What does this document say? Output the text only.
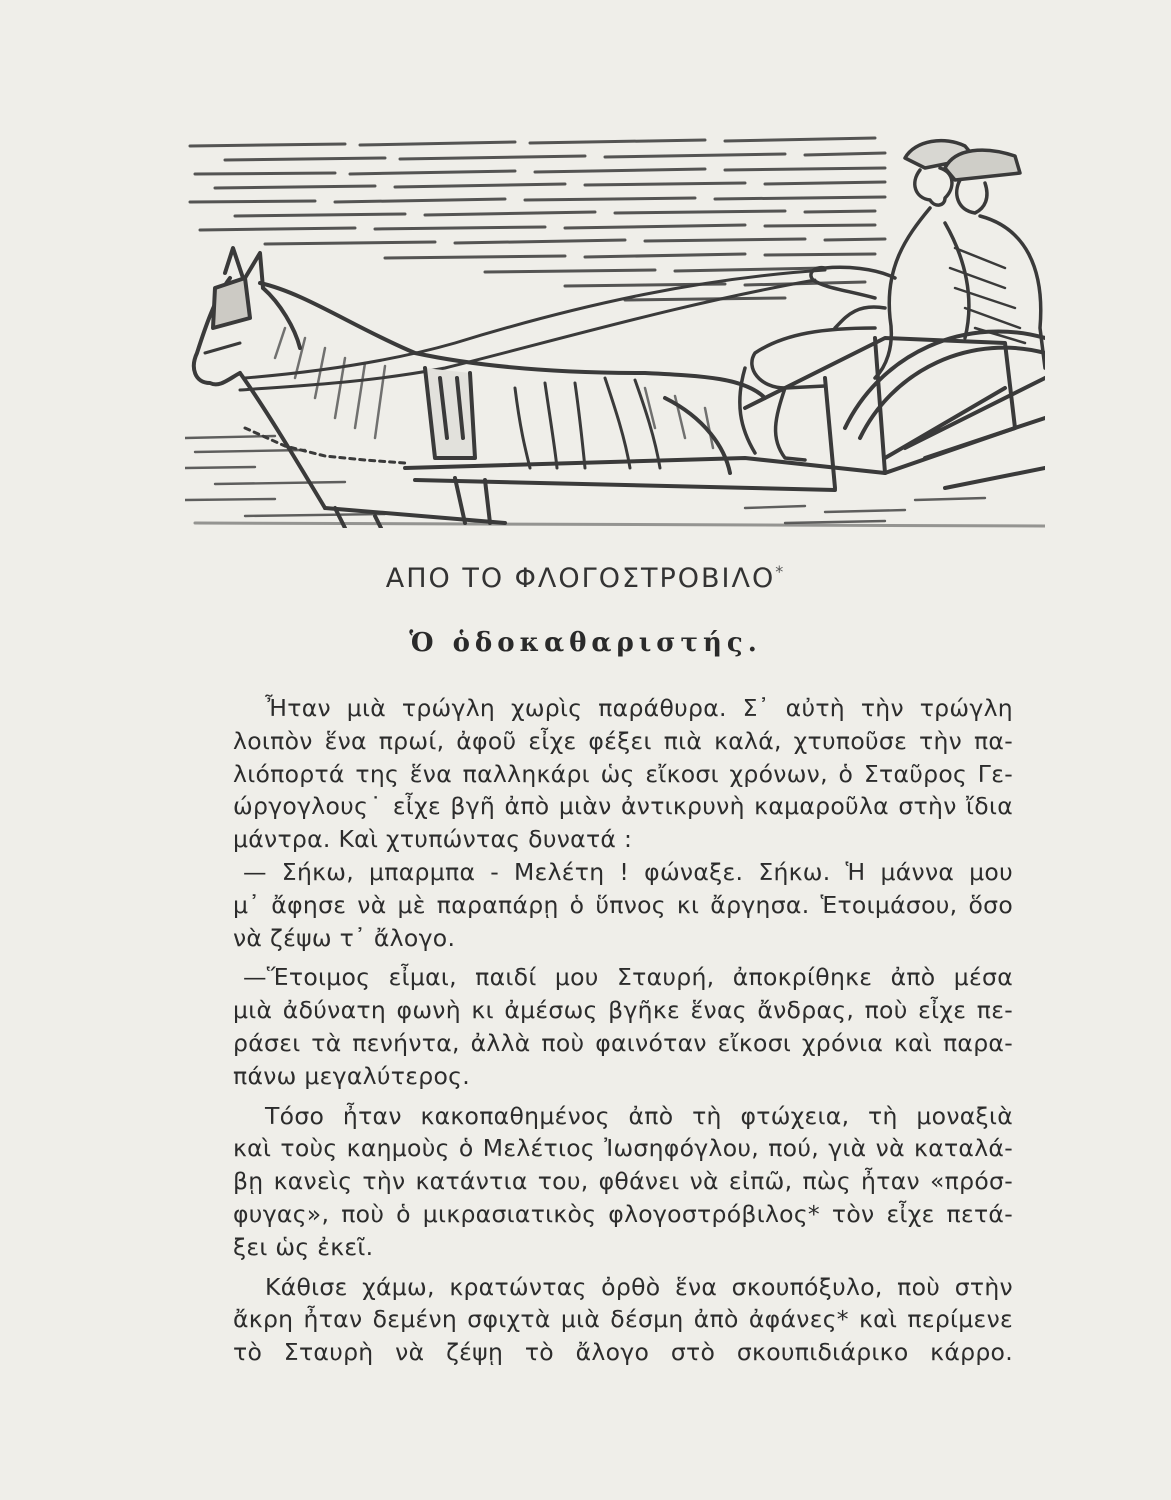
ΑΠΟ ΤΟ ΦΛΟΓΟΣΤΡΟΒΙΛΟ*
Ὁ ὁδοκαθαριστής.
Ἦταν μιὰ τρώγλη χωρὶς παράθυρα. Σ᾽ αὐτὴ τὴν τρώγλη
λοιπὸν ἕνα πρωί, ἀφοῦ εἶχε φέξει πιὰ καλά, χτυποῦσε τὴν πα-
λιόπορτά της ἕνα παλληκάρι ὡς εἴκοσι χρόνων, ὁ Σταῦρος Γε-
ώργογλους˙ εἶχε βγῆ ἀπὸ μιὰν ἀντικρυνὴ καμαροῦλα στὴν ἴδια
μάντρα. Καὶ χτυπώντας δυνατά :
— Σήκω, μπαρμπα - Μελέτη ! φώναξε. Σήκω. Ἡ μάννα μου
μ᾽ ἄφησε νὰ μὲ παραπάρῃ ὁ ὕπνος κι ἄργησα. Ἑτοιμάσου, ὅσο
νὰ ζέψω τ᾽ ἄλογο.
—Ἕτοιμος εἶμαι, παιδί μου Σταυρή, ἀποκρίθηκε ἀπὸ μέσα
μιὰ ἀδύνατη φωνὴ κι ἀμέσως βγῆκε ἕνας ἄνδρας, ποὺ εἶχε πε-
ράσει τὰ πενήντα, ἀλλὰ ποὺ φαινόταν εἴκοσι χρόνια καὶ παρα-
πάνω μεγαλύτερος.
Τόσο ἦταν κακοπαθημένος ἀπὸ τὴ φτώχεια, τὴ μοναξιὰ
καὶ τοὺς καημοὺς ὁ Μελέτιος Ἰωσηφόγλου, πού, γιὰ νὰ καταλά-
βῃ κανεὶς τὴν κατάντια του, φθάνει νὰ εἰπῶ, πὼς ἦταν «πρόσ-
φυγας», ποὺ ὁ μικρασιατικὸς φλογοστρόβιλος* τὸν εἶχε πετά-
ξει ὡς ἐκεῖ.
Κάθισε χάμω, κρατώντας ὀρθὸ ἕνα σκουπόξυλο, ποὺ στὴν
ἄκρη ἦταν δεμένη σφιχτὰ μιὰ δέσμη ἀπὸ ἀφάνες* καὶ περίμενε
τὸ Σταυρὴ νὰ ζέψῃ τὸ ἄλογο στὸ σκουπιδιάρικο κάρρο.
